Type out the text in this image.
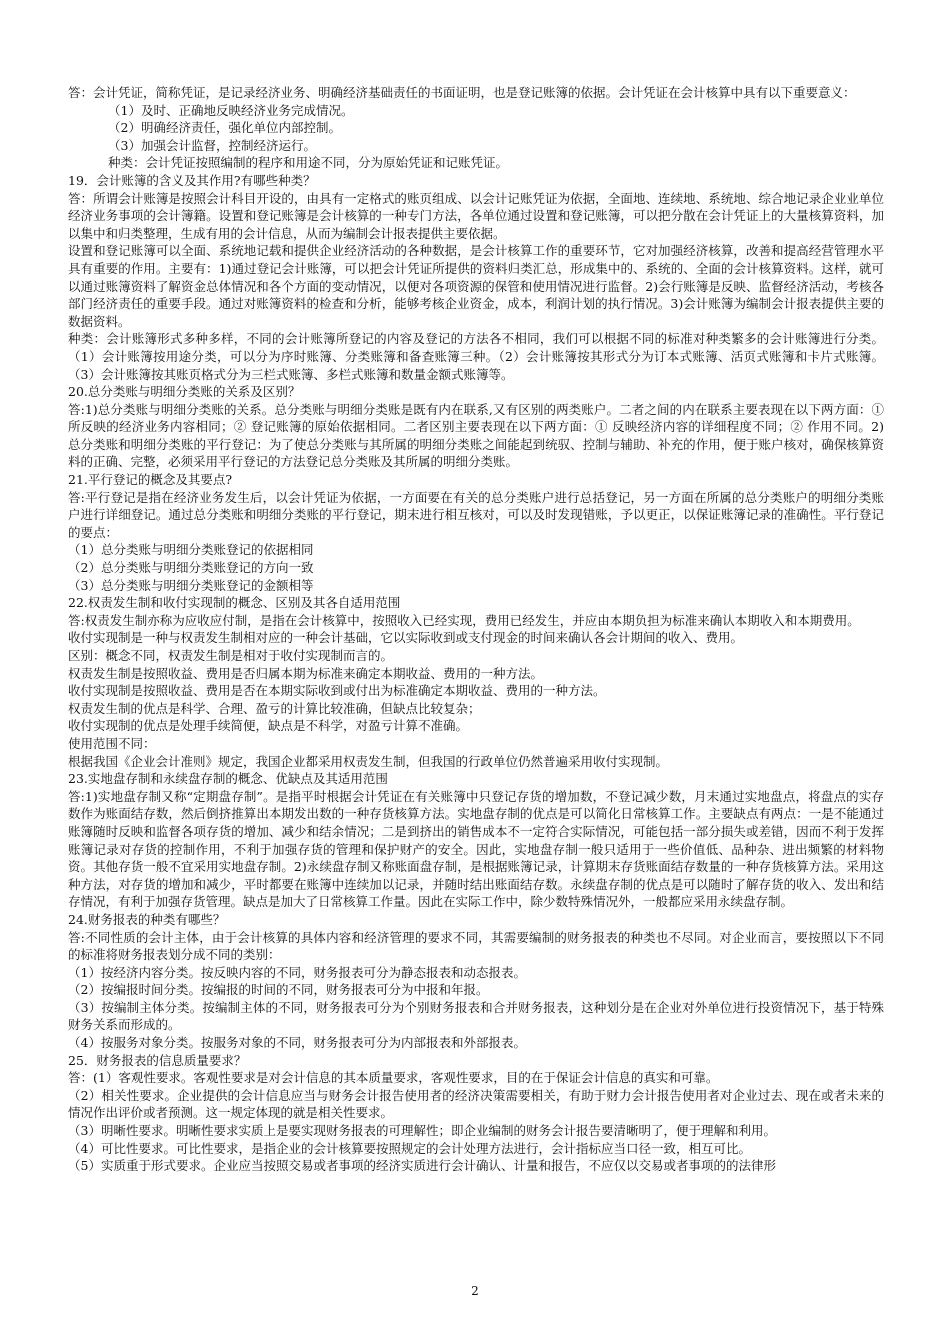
答：会计凭证，简称凭证，是记录经济业务、明确经济基础责任的书面证明，也是登记账簿的依据。会计凭证在会计核算中具有以下重要意义：

（1）及时、正确地反映经济业务完成情况。

（2）明确经济责任，强化单位内部控制。

（3）加强会计监督，控制经济运行。

种类：会计凭证按照编制的程序和用途不同，分为原始凭证和记账凭证。

19．会计账簿的含义及其作用?有哪些种类？

答：所谓会计账簿是按照会计科目开设的，由具有一定格式的账页组成、以会计记账凭证为依据，全面地、连续地、系统地、综合地记录企业业单位经济业务事项的会计簿籍。设置和登记账簿是会计核算的一种专门方法，各单位通过设置和登记账簿，可以把分散在会计凭证上的大量核算资料，加以集中和归类整理，生成有用的会计信息，从而为编制会计报表提供主要依据。

设置和登记账簿可以全面、系统地记载和提供企业经济活动的各种数据，是会计核算工作的重要环节，它对加强经济核算，改善和提高经营管理水平具有重要的作用。主要有：1)通过登记会计账簿，可以把会计凭证所提供的资料归类汇总，形成集中的、系统的、全面的会计核算资料。这样，就可以通过账簿资料了解资金总体情况和各个方面的变动情况，以便对各项资源的保管和使用情况进行监督。2)会行账簿是反映、监督经济活动，考核各部门经济责任的重要手段。通过对账簿资料的检查和分析，能够考核企业资金，成本，利润计划的执行情况。3)会计账簿为编制会计报表提供主要的数据资料。

种类：会计账簿形式多种多样，不同的会计账簿所登记的内容及登记的方法各不相同，我们可以根据不同的标准对种类繁多的会计账簿进行分类。（1）会计账簿按用途分类，可以分为序时账簿、分类账簿和备查账簿三种。（2）会计账簿按其形式分为订本式账簿、活页式账簿和卡片式账簿。（3）会计账簿按其账页格式分为三栏式账簿、多栏式账簿和数量金额式账簿等。

20.总分类账与明细分类账的关系及区别？

答:1)总分类账与明细分类账的关系。总分类账与明细分类账是既有内在联系,又有区别的两类账户。二者之间的内在联系主要表现在以下两方面：① 所反映的经济业务内容相同；② 登记账簿的原始依据相同。二者区别主要表现在以下两方面：① 反映经济内容的详细程度不同；② 作用不同。2) 总分类账和明细分类账的平行登记：为了使总分类账与其所属的明细分类账之间能起到统驭、控制与辅助、补充的作用，便于账户核对，确保核算资料的正确、完整，必须采用平行登记的方法登记总分类账及其所属的明细分类账。

21.平行登记的概念及其要点?

答:平行登记是指在经济业务发生后，以会计凭证为依据，一方面要在有关的总分类账户进行总括登记，另一方面在所属的总分类账户的明细分类账户进行详细登记。通过总分类账和明细分类账的平行登记，期末进行相互核对，可以及时发现错账，予以更正，以保证账簿记录的准确性。平行登记的要点：

（1）总分类账与明细分类账登记的依据相同

（2）总分类账与明细分类账登记的方向一致

（3）总分类账与明细分类账登记的金额相等

22.权责发生制和收付实现制的概念、区别及其各自适用范围

答:权责发生制亦称为应收应付制，是指在会计核算中，按照收入已经实现，费用已经发生，并应由本期负担为标准来确认本期收入和本期费用。

收付实现制是一种与权责发生制相对应的一种会计基础，它以实际收到或支付现金的时间来确认各会计期间的收入、费用。

区别：概念不同，权责发生制是相对于收付实现制而言的。

权责发生制是按照收益、费用是否归属本期为标准来确定本期收益、费用的一种方法。

收付实现制是按照收益、费用是否在本期实际收到或付出为标准确定本期收益、费用的一种方法。

权责发生制的优点是科学、合理、盈亏的计算比较准确，但缺点比较复杂；

收付实现制的优点是处理手续简便，缺点是不科学，对盈亏计算不准确。

使用范围不同：

根据我国《企业会计准则》规定，我国企业都采用权责发生制，但我国的行政单位仍然普遍采用收付实现制。

23.实地盘存制和永续盘存制的概念、优缺点及其适用范围

答:1)实地盘存制又称“定期盘存制”。是指平时根据会计凭证在有关账簿中只登记存货的增加数，不登记减少数，月末通过实地盘点，将盘点的实存数作为账面结存数，然后倒挤推算出本期发出数的一种存货核算方法。实地盘存制的优点是可以简化日常核算工作。主要缺点有两点：一是不能通过账簿随时反映和监督各项存货的增加、减少和结余情况；二是到挤出的销售成本不一定符合实际情况，可能包括一部分损失或差错，因而不利于发挥账簿记录对存货的控制作用，不利于加强存货的管理和保护财产的安全。因此，实地盘存制一般只适用于一些价值低、品种杂、进出频繁的材料物资。其他存货一般不宜采用实地盘存制。2)永续盘存制又称账面盘存制，是根据账簿记录，计算期末存货账面结存数量的一种存货核算方法。采用这种方法，对存货的增加和减少，平时都要在账簿中连续加以记录，并随时结出账面结存数。永续盘存制的优点是可以随时了解存货的收入、发出和结存情况，有利于加强存货管理。缺点是加大了日常核算工作量。因此在实际工作中，除少数特殊情况外，一般都应采用永续盘存制。

24.财务报表的种类有哪些？

答:不同性质的会计主体，由于会计核算的具体内容和经济管理的要求不同，其需要编制的财务报表的种类也不尽同。对企业而言，要按照以下不同的标准将财务报表划分成不同的类别：

（1）按经济内容分类。按反映内容的不同，财务报表可分为静态报表和动态报表。

（2）按编报时间分类。按编报的时间的不同，财务报表可分为中报和年报。

（3）按编制主体分类。按编制主体的不同，财务报表可分为个别财务报表和合并财务报表，这种划分是在企业对外单位进行投资情况下，基于特殊财务关系而形成的。

（4）按服务对象分类。按服务对象的不同，财务报表可分为内部报表和外部报表。

25．财务报表的信息质量要求？

答：(1）客观性要求。客观性要求是对会计信息的其本质量要求，客观性要求，目的在于保证会计信息的真实和可靠。

（2）相关性要求。企业提供的会计信息应当与财务会计报告使用者的经济决策需要相关，有助于财力会计报告使用者对企业过去、现在或者未来的情况作出评价或者预测。这一规定体现的就是相关性要求。

（3）明晰性要求。明晰性要求实质上是要实现财务报表的可理解性；即企业编制的财务会计报告要清晰明了，便于理解和利用。

（4）可比性要求。可比性要求，是指企业的会计核算要按照规定的会计处理方法进行，会计指标应当口径一致，相互可比。

（5）实质重于形式要求。企业应当按照交易或者事项的经济实质进行会计确认、计量和报告，不应仅以交易或者事项的的法律形

2
